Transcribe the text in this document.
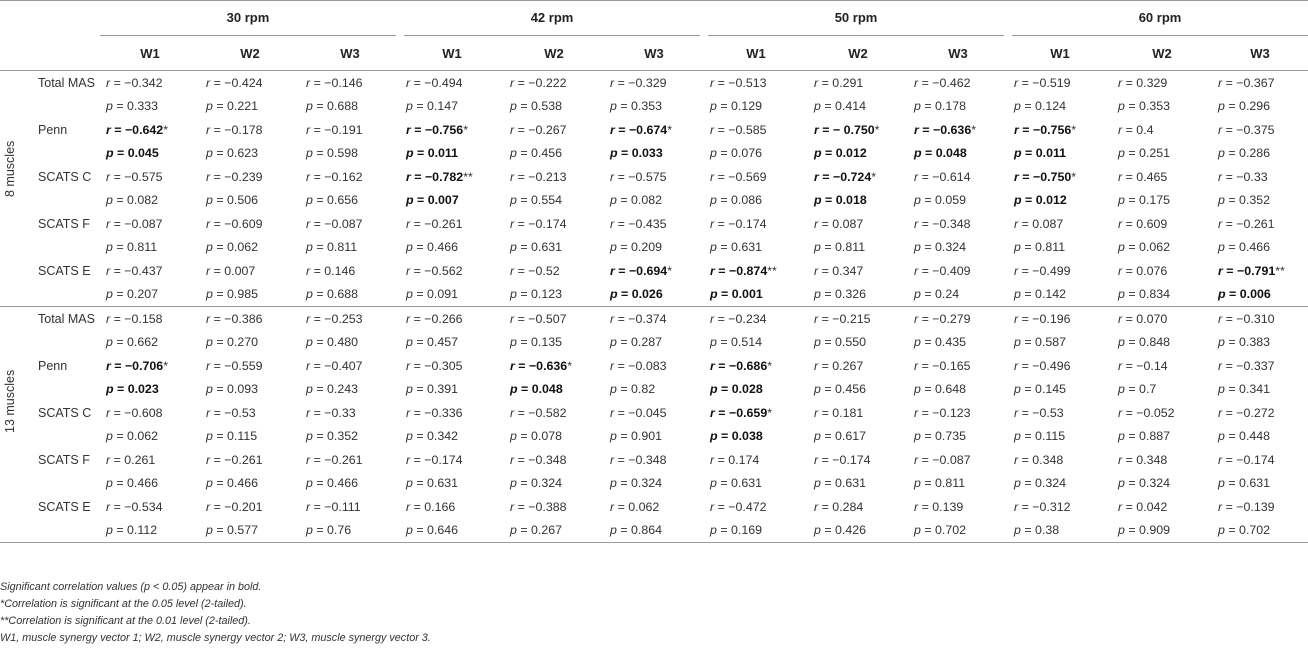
		30 rpm			42 rpm			50 rpm			60 rpm		
		W1	W2	W3	W1	W2	W3	W1	W2	W3	W1	W2	W3

8 muscles	Total MAS	r = −0.342	r = −0.424	r = −0.146	r = −0.494	r = −0.222	r = −0.329	r = −0.513	r = 0.291	r = −0.462	r = −0.519	r = 0.329	r = −0.367
		p = 0.333	p = 0.221	p = 0.688	p = 0.147	p = 0.538	p = 0.353	p = 0.129	p = 0.414	p = 0.178	p = 0.124	p = 0.353	p = 0.296
	Penn	r = −0.642*	r = −0.178	r = −0.191	r = −0.756*	r = −0.267	r = −0.674*	r = −0.585	r = − 0.750*	r = −0.636*	r = −0.756*	r = 0.4	r = −0.375
		p = 0.045	p = 0.623	p = 0.598	p = 0.011	p = 0.456	p = 0.033	p = 0.076	p = 0.012	p = 0.048	p = 0.011	p = 0.251	p = 0.286
	SCATS C	r = −0.575	r = −0.239	r = −0.162	r = −0.782**	r = −0.213	r = −0.575	r = −0.569	r = −0.724*	r = −0.614	r = −0.750*	r = 0.465	r = −0.33
		p = 0.082	p = 0.506	p = 0.656	p = 0.007	p = 0.554	p = 0.082	p = 0.086	p = 0.018	p = 0.059	p = 0.012	p = 0.175	p = 0.352
	SCATS F	r = −0.087	r = −0.609	r = −0.087	r = −0.261	r = −0.174	r = −0.435	r = −0.174	r = 0.087	r = −0.348	r = 0.087	r = 0.609	r = −0.261
		p = 0.811	p = 0.062	p = 0.811	p = 0.466	p = 0.631	p = 0.209	p = 0.631	p = 0.811	p = 0.324	p = 0.811	p = 0.062	p = 0.466
	SCATS E	r = −0.437	r = 0.007	r = 0.146	r = −0.562	r = −0.52	r = −0.694*	r = −0.874**	r = 0.347	r = −0.409	r = −0.499	r = 0.076	r = −0.791**
		p = 0.207	p = 0.985	p = 0.688	p = 0.091	p = 0.123	p = 0.026	p = 0.001	p = 0.326	p = 0.24	p = 0.142	p = 0.834	p = 0.006

13 muscles	Total MAS	r = −0.158	r = −0.386	r = −0.253	r = −0.266	r = −0.507	r = −0.374	r = −0.234	r = −0.215	r = −0.279	r = −0.196	r = 0.070	r = −0.310
		p = 0.662	p = 0.270	p = 0.480	p = 0.457	p = 0.135	p = 0.287	p = 0.514	p = 0.550	p = 0.435	p = 0.587	p = 0.848	p = 0.383
	Penn	r = −0.706*	r = −0.559	r = −0.407	r = −0.305	r = −0.636*	r = −0.083	r = −0.686*	r = 0.267	r = −0.165	r = −0.496	r = −0.14	r = −0.337
		p = 0.023	p = 0.093	p = 0.243	p = 0.391	p = 0.048	p = 0.82	p = 0.028	p = 0.456	p = 0.648	p = 0.145	p = 0.7	p = 0.341
	SCATS C	r = −0.608	r = −0.53	r = −0.33	r = −0.336	r = −0.582	r = −0.045	r = −0.659*	r = 0.181	r = −0.123	r = −0.53	r = −0.052	r = −0.272
		p = 0.062	p = 0.115	p = 0.352	p = 0.342	p = 0.078	p = 0.901	p = 0.038	p = 0.617	p = 0.735	p = 0.115	p = 0.887	p = 0.448
	SCATS F	r = 0.261	r = −0.261	r = −0.261	r = −0.174	r = −0.348	r = −0.348	r = 0.174	r = −0.174	r = −0.087	r = 0.348	r = 0.348	r = −0.174
		p = 0.466	p = 0.466	p = 0.466	p = 0.631	p = 0.324	p = 0.324	p = 0.631	p = 0.631	p = 0.811	p = 0.324	p = 0.324	p = 0.631
	SCATS E	r = −0.534	r = −0.201	r = −0.111	r = 0.166	r = −0.388	r = 0.062	r = −0.472	r = 0.284	r = 0.139	r = −0.312	r = 0.042	r = −0.139
		p = 0.112	p = 0.577	p = 0.76	p = 0.646	p = 0.267	p = 0.864	p = 0.169	p = 0.426	p = 0.702	p = 0.38	p = 0.909	p = 0.702
Significant correlation values (p < 0.05) appear in bold.
*Correlation is significant at the 0.05 level (2-tailed).
**Correlation is significant at the 0.01 level (2-tailed).
W1, muscle synergy vector 1; W2, muscle synergy vector 2; W3, muscle synergy vector 3.
